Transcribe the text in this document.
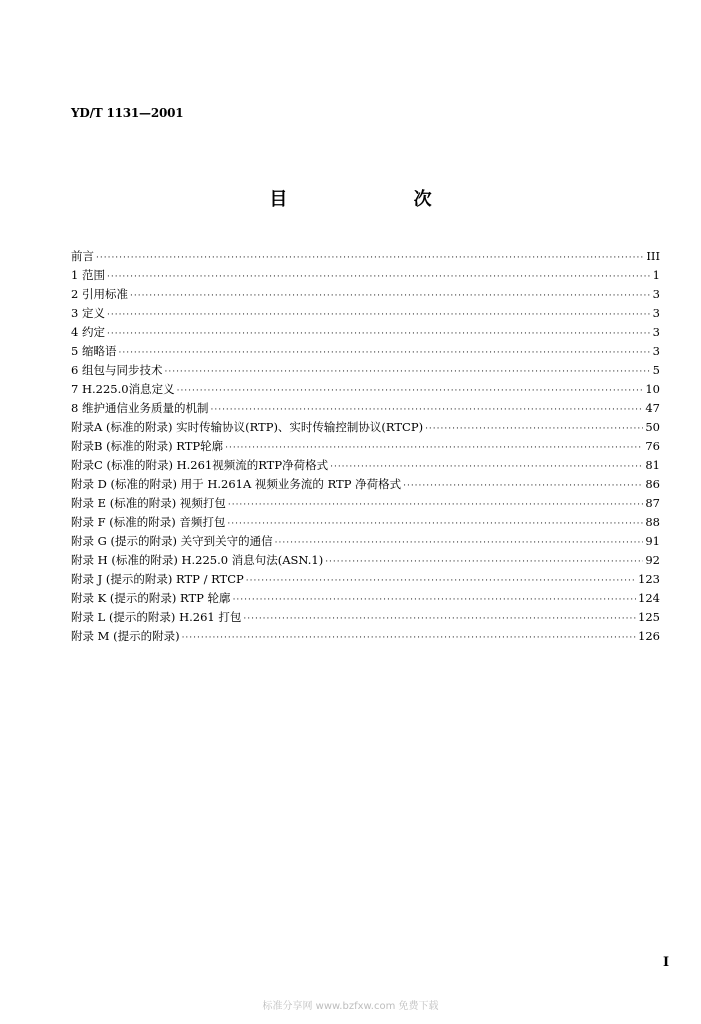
YD/T 1131—2001
目 次
前言 ·····	III
1 范围 ·····	1
2 引用标准 ·····	3
3 定义 ·····	3
4 约定 ·····	3
5 缩略语 ·····	3
6 组包与同步技术 ·····	5
7 H.225.0消息定义 ·····	10
8 维护通信业务质量的机制 ·····	47
附录A (标准的附录) 实时传输协议(RTP)、实时传输控制协议(RTCP) ·····	50
附录B (标准的附录) RTP轮廓 ·····	76
附录C (标准的附录) H.261视频流的RTP净荷格式 ·····	81
附录 D (标准的附录) 用于 H.261A 视频业务流的 RTP 净荷格式 ·····	86
附录 E (标准的附录) 视频打包 ·····	87
附录 F (标准的附录) 音频打包 ·····	88
附录 G (提示的附录) 关守到关守的通信 ·····	91
附录 H (标准的附录) H.225.0 消息句法(ASN.1) ·····	92
附录 J (提示的附录) RTP / RTCP ·····	123
附录 K (提示的附录) RTP 轮廓 ·····	124
附录 L (提示的附录) H.261 打包 ·····	125
附录 M (提示的附录) ·····	126
I
标准分享网 www.bzfxw.com 免费下载
